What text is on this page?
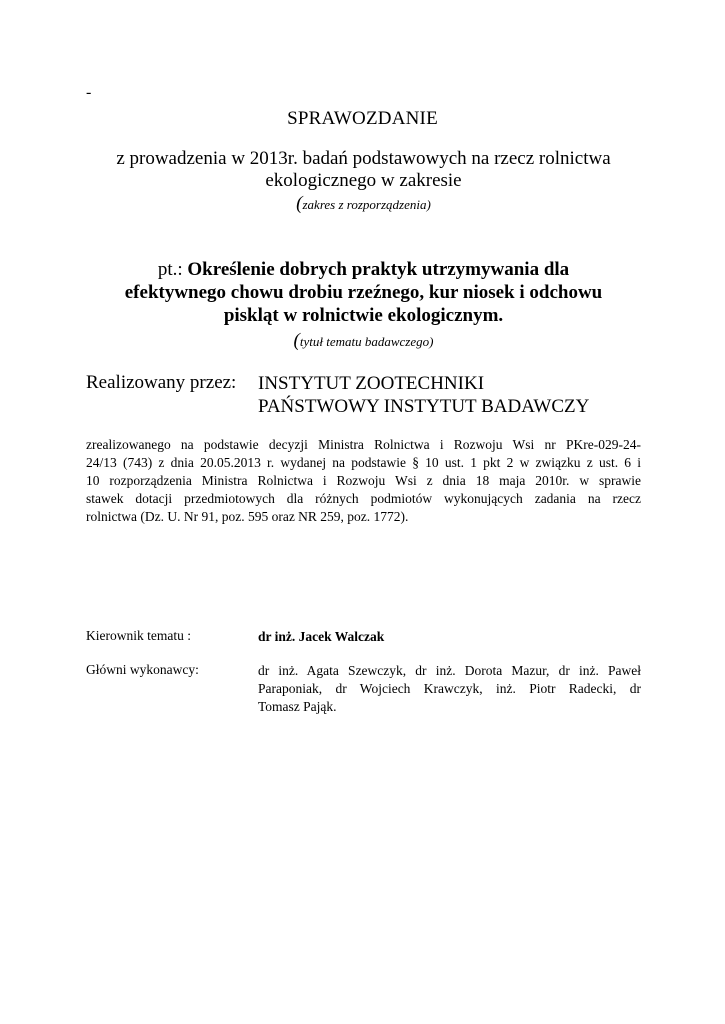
-
SPRAWOZDANIE
z prowadzenia w 2013r. badań podstawowych na rzecz rolnictwa
ekologicznego w zakresie
(zakres z rozporządzenia)
pt.: Określenie dobrych praktyk utrzymywania dla
efektywnego chowu drobiu rzeźnego, kur niosek i odchowu
piskląt w rolnictwie ekologicznym.
(tytuł tematu badawczego)
Realizowany przez: INSTYTUT ZOOTECHNIKI
PAŃSTWOWY INSTYTUT BADAWCZY
zrealizowanego na podstawie decyzji Ministra Rolnictwa i Rozwoju Wsi nr PKre-029-24-
24/13 (743) z dnia 20.05.2013 r. wydanej na podstawie § 10 ust. 1 pkt 2 w związku z ust. 6 i
10 rozporządzenia Ministra Rolnictwa i Rozwoju Wsi z dnia 18 maja 2010r. w sprawie
stawek dotacji przedmiotowych dla różnych podmiotów wykonujących zadania na rzecz
rolnictwa (Dz. U. Nr 91, poz. 595 oraz NR 259, poz. 1772).
Kierownik tematu :	dr inż. Jacek Walczak
Główni wykonawcy:	dr inż. Agata Szewczyk, dr inż. Dorota Mazur, dr inż. Paweł
Paraponiak, dr Wojciech Krawczyk, inż. Piotr Radecki, dr
Tomasz Pająk.
